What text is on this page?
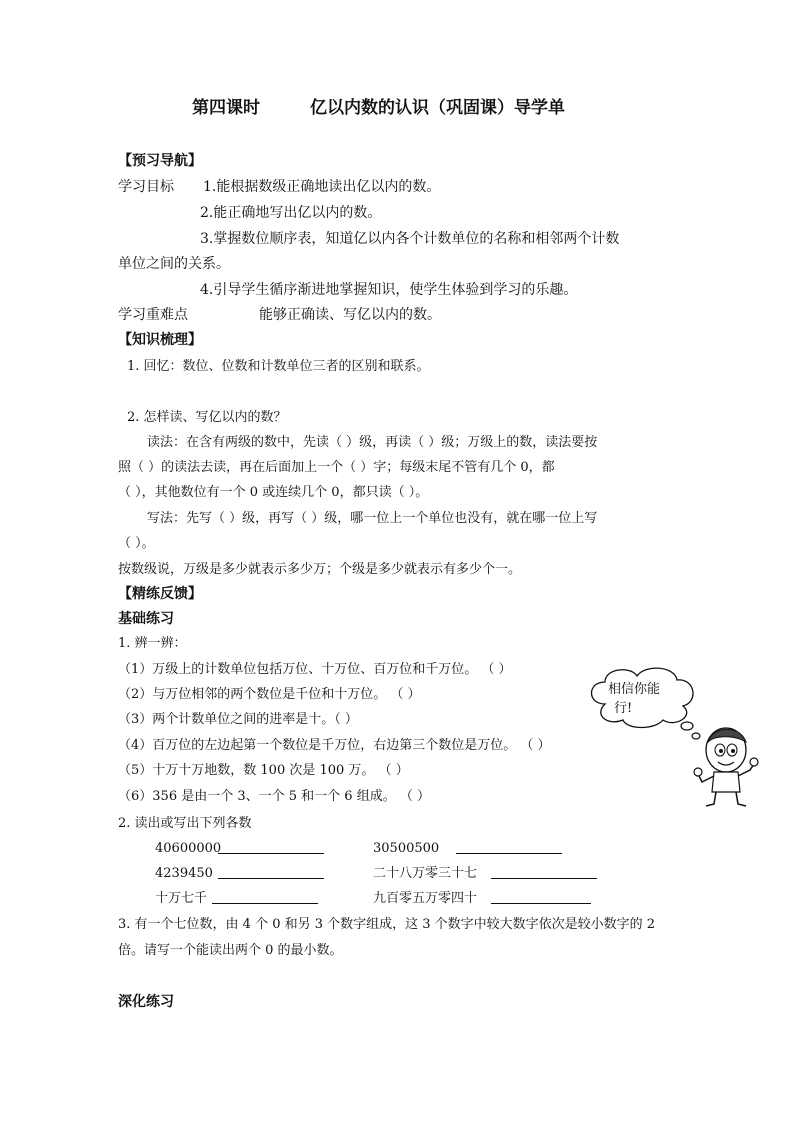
第四课时	亿以内数的认识（巩固课）导学单
【预习导航】
学习目标 1.能根据数级正确地读出亿以内的数。
2.能正确地写出亿以内的数。
3.掌握数位顺序表，知道亿以内各个计数单位的名称和相邻两个计数
单位之间的关系。
4.引导学生循序渐进地掌握知识，使学生体验到学习的乐趣。
学习重难点	能够正确读、写亿以内的数。
【知识梳理】
1. 回忆：数位、位数和计数单位三者的区别和联系。
2. 怎样读、写亿以内的数？
读法：在含有两级的数中，先读（ ）级，再读（ ）级；万级上的数，读法要按
照（ ）的读法去读，再在后面加上一个（ ）字；每级末尾不管有几个 0，都
（ ），其他数位有一个 0 或连续几个 0，都只读（ ）。
写法：先写（ ）级，再写（ ）级，哪一位上一个单位也没有，就在哪一位上写
（ ）。
按数级说，万级是多少就表示多少万；个级是多少就表示有多少个一。
【精练反馈】
基础练习
1. 辨一辨：
（1）万级上的计数单位包括万位、十万位、百万位和千万位。 （ ）
（2）与万位相邻的两个数位是千位和十万位。 （ ）
（3）两个计数单位之间的进率是十。（ ）
（4）百万位的左边起第一个数位是千万位，右边第三个数位是万位。 （ ）
（5）十万十万地数，数 100 次是 100 万。 （ ）
（6）356 是由一个 3、一个 5 和一个 6 组成。 （ ）
相信你能
行!
2. 读出或写出下列各数
40600000	30500500
4239450	二十八万零三十七
十万七千	九百零五万零四十
3. 有一个七位数，由 4 个 0 和另 3 个数字组成，这 3 个数字中较大数字依次是较小数字的 2
倍。请写一个能读出两个 0 的最小数。
深化练习
